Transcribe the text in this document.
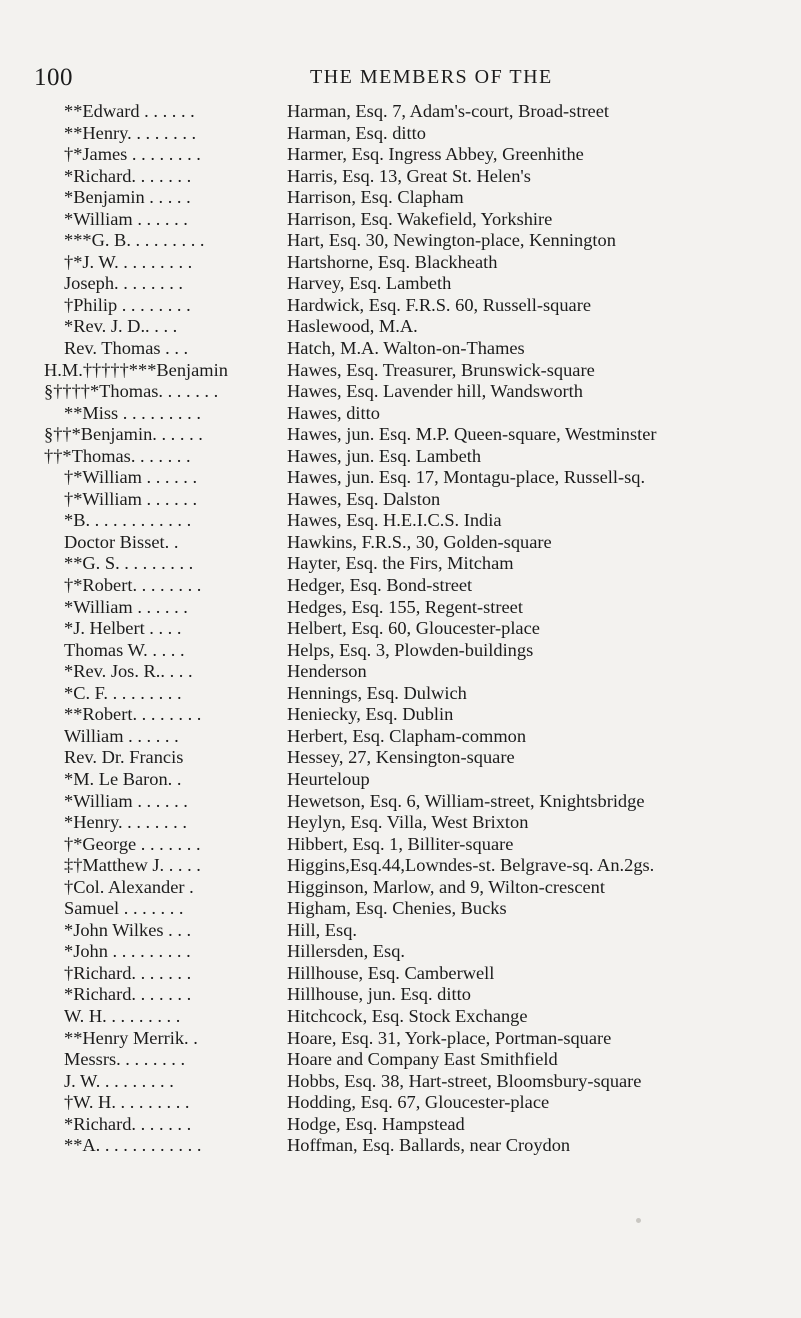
100	THE MEMBERS OF THE
**Edward . . . . . .	Harman, Esq. 7, Adam's-court, Broad-street
**Henry. . . . . . . .	Harman, Esq. ditto
†*James . . . . . . . .	Harmer, Esq. Ingress Abbey, Greenhithe
*Richard. . . . . . .	Harris, Esq. 13, Great St. Helen's
*Benjamin . . . . .	Harrison, Esq. Clapham
*William . . . . . .	Harrison, Esq. Wakefield, Yorkshire
***G. B. . . . . . . . .	Hart, Esq. 30, Newington-place, Kennington
†*J. W. . . . . . . . .	Hartshorne, Esq. Blackheath
Joseph. . . . . . . .	Harvey, Esq. Lambeth
†Philip . . . . . . . .	Hardwick, Esq. F.R.S. 60, Russell-square
*Rev. J. D.. . . .	Haslewood, M.A.
Rev. Thomas . . .	Hatch, M.A. Walton-on-Thames
H.M.†††††***Benjamin	Hawes, Esq. Treasurer, Brunswick-square
§††††*Thomas. . . . . . .	Hawes, Esq. Lavender hill, Wandsworth
**Miss . . . . . . . . .	Hawes, ditto
§††*Benjamin. . . . . .	Hawes, jun. Esq. M.P. Queen-square, Westminster
††*Thomas. . . . . . .	Hawes, jun. Esq. Lambeth
†*William . . . . . .	Hawes, jun. Esq. 17, Montagu-place, Russell-sq.
†*William . . . . . .	Hawes, Esq. Dalston
*B. . . . . . . . . . . .	Hawes, Esq. H.E.I.C.S. India
Doctor Bisset. .	Hawkins, F.R.S., 30, Golden-square
**G. S. . . . . . . . .	Hayter, Esq. the Firs, Mitcham
†*Robert. . . . . . . .	Hedger, Esq. Bond-street
*William . . . . . .	Hedges, Esq. 155, Regent-street
*J. Helbert . . . .	Helbert, Esq. 60, Gloucester-place
Thomas W. . . . .	Helps, Esq. 3, Plowden-buildings
*Rev. Jos. R.. . . .	Henderson
*C. F. . . . . . . . .	Hennings, Esq. Dulwich
**Robert. . . . . . . .	Heniecky, Esq. Dublin
William . . . . . .	Herbert, Esq. Clapham-common
Rev. Dr. Francis	Hessey, 27, Kensington-square
*M. Le Baron. .	Heurteloup
*William . . . . . .	Hewetson, Esq. 6, William-street, Knightsbridge
*Henry. . . . . . . .	Heylyn, Esq. Villa, West Brixton
†*George . . . . . . .	Hibbert, Esq. 1, Billiter-square
‡†Matthew J. . . . .	Higgins,Esq.44,Lowndes-st. Belgrave-sq. An.2gs.
†Col. Alexander .	Higginson, Marlow, and 9, Wilton-crescent
Samuel . . . . . . .	Higham, Esq. Chenies, Bucks
*John Wilkes . . .	Hill, Esq.
*John . . . . . . . . .	Hillersden, Esq.
†Richard. . . . . . .	Hillhouse, Esq. Camberwell
*Richard. . . . . . .	Hillhouse, jun. Esq. ditto
W. H. . . . . . . . .	Hitchcock, Esq. Stock Exchange
**Henry Merrik. .	Hoare, Esq. 31, York-place, Portman-square
Messrs. . . . . . . .	Hoare and Company East Smithfield
J. W. . . . . . . . .	Hobbs, Esq. 38, Hart-street, Bloomsbury-square
†W. H. . . . . . . . .	Hodding, Esq. 67, Gloucester-place
*Richard. . . . . . .	Hodge, Esq. Hampstead
**A. . . . . . . . . . . .	Hoffman, Esq. Ballards, near Croydon
